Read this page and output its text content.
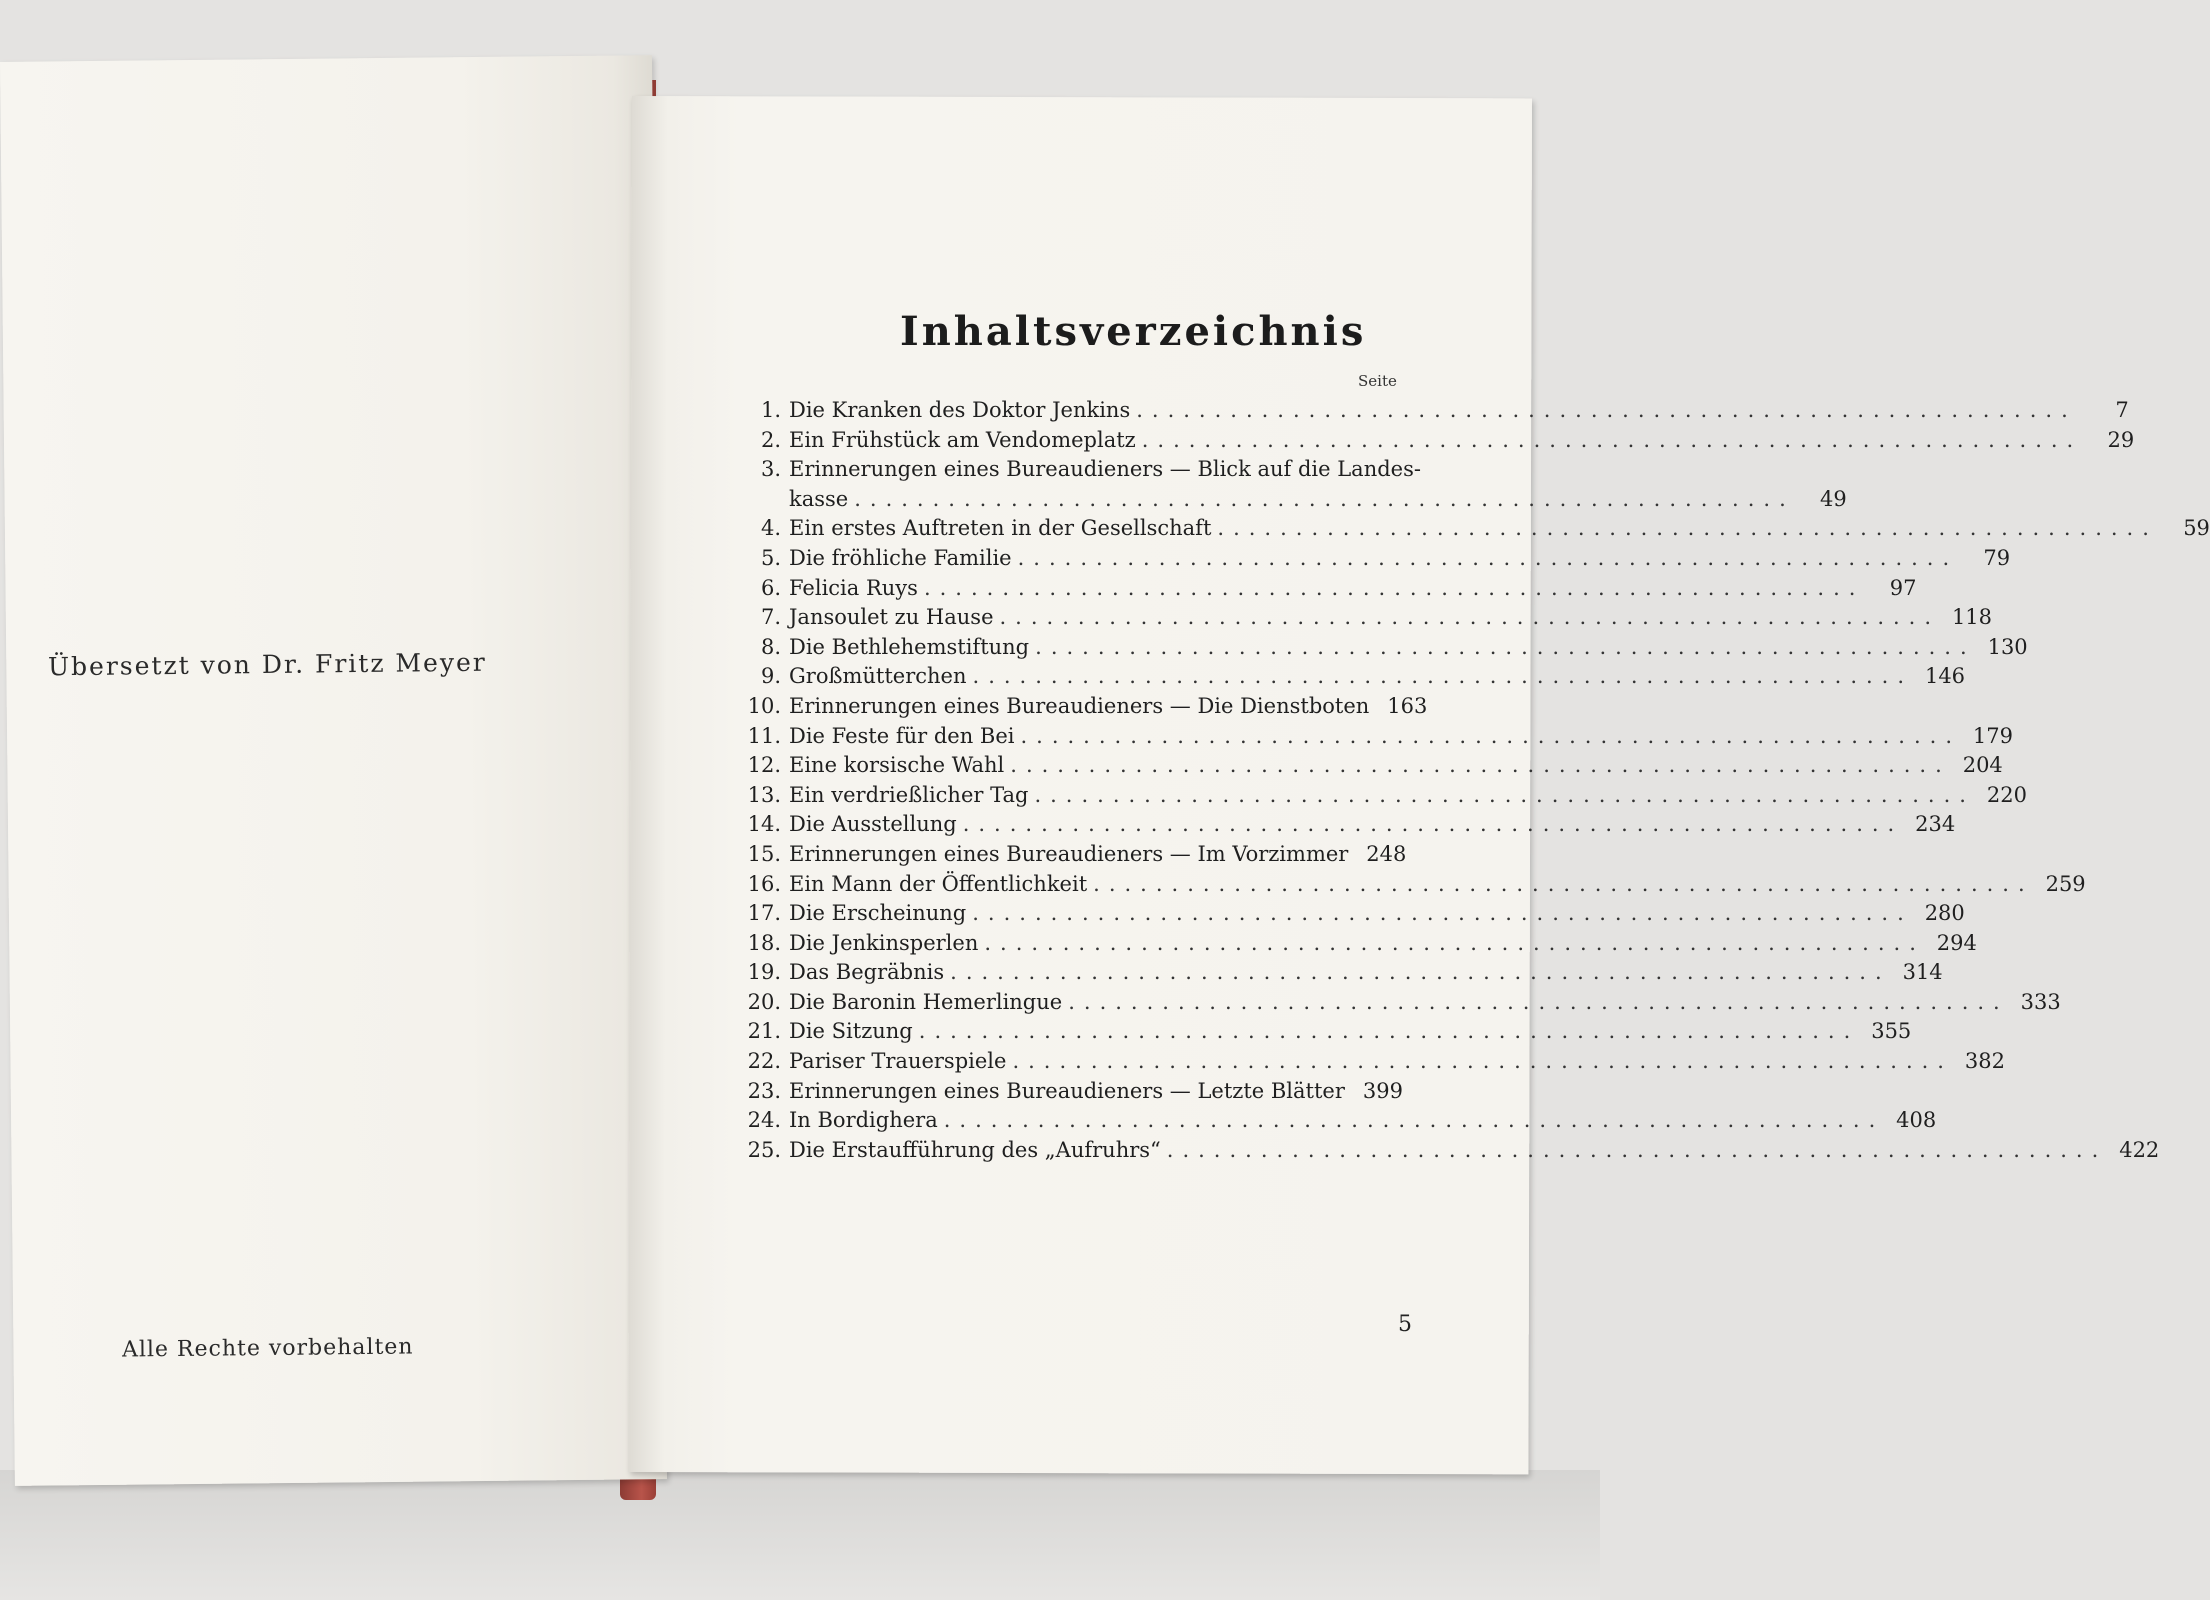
Übersetzt von Dr. Fritz Meyer
Alle Rechte vorbehalten
Inhaltsverzeichnis
Seite
1. Die Kranken des Doktor Jenkins ............................................................	7
2. Ein Frühstück am Vendomeplatz ............................................................	29
3. Erinnerungen eines Bureaudieners — Blick auf die Landes-
kasse ............................................................	49
4. Ein erstes Auftreten in der Gesellschaft ............................................................	59
5. Die fröhliche Familie ............................................................	79
6. Felicia Ruys ............................................................	97
7. Jansoulet zu Hause ............................................................ 118
8. Die Bethlehemstiftung ............................................................ 130
9. Großmütterchen ............................................................ 146
10. Erinnerungen eines Bureaudieners — Die Dienstboten 163
11. Die Feste für den Bei ............................................................ 179
12. Eine korsische Wahl ............................................................ 204
13. Ein verdrießlicher Tag ............................................................ 220
14. Die Ausstellung ............................................................ 234
15. Erinnerungen eines Bureaudieners — Im Vorzimmer 248
16. Ein Mann der Öffentlichkeit ............................................................ 259
17. Die Erscheinung ............................................................ 280
18. Die Jenkinsperlen ............................................................ 294
19. Das Begräbnis ............................................................ 314
20. Die Baronin Hemerlingue ............................................................ 333
21. Die Sitzung ............................................................ 355
22. Pariser Trauerspiele ............................................................ 382
23. Erinnerungen eines Bureaudieners — Letzte Blätter 399
24. In Bordighera ............................................................ 408
25. Die Erstaufführung des „Aufruhrs“ ............................................................ 422
5
